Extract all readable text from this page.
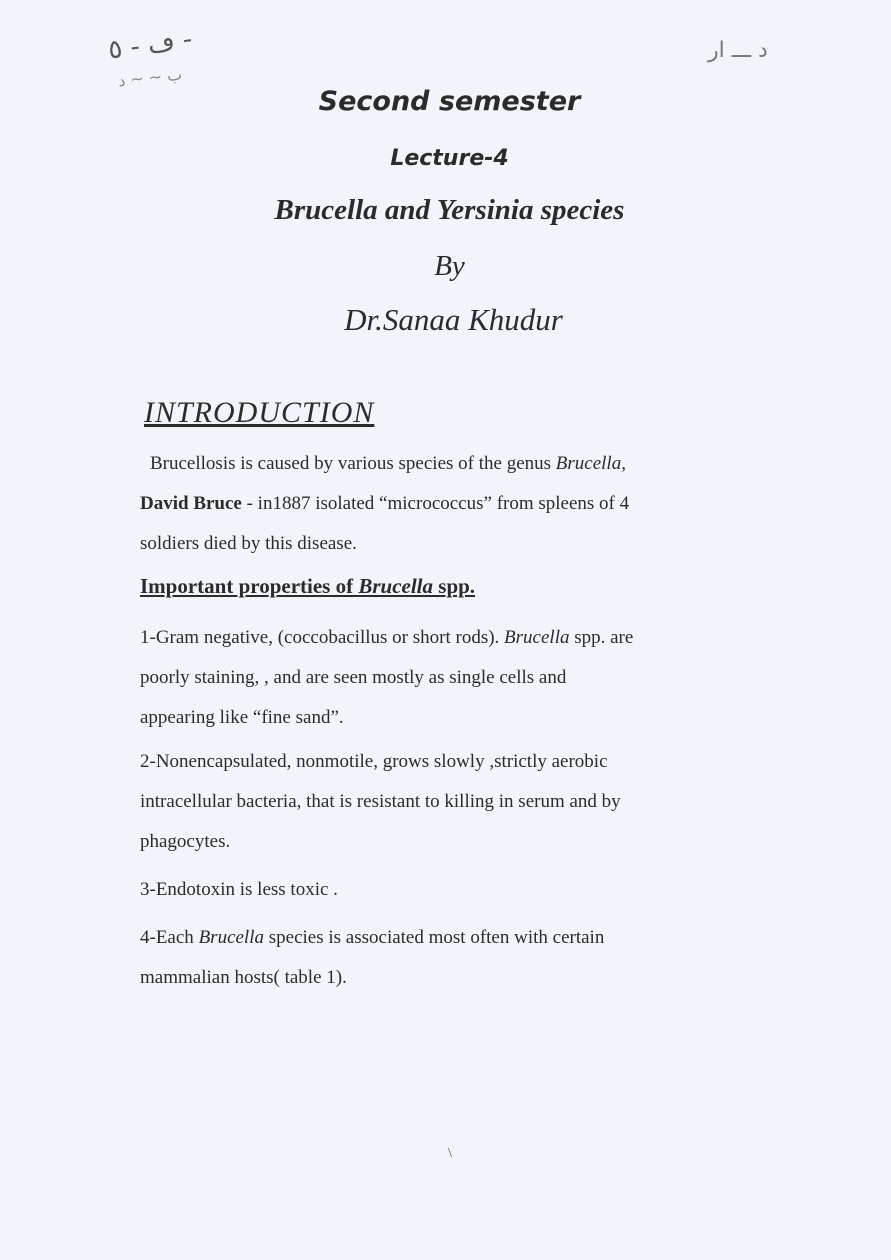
ڡ - ٥ -
ب ~ ~ د
د ـــ ار
Second semester
Lecture-4
Brucella and Yersinia species
By
Dr.Sanaa Khudur
INTRODUCTION
Brucellosis is caused by various species of the genus Brucella,
David Bruce - in1887 isolated “micrococcus” from spleens of 4
soldiers died by this disease.
Important properties of Brucella spp.
1-Gram negative, (coccobacillus or short rods). Brucella spp. are
poorly staining, , and are seen mostly as single cells and
appearing like “fine sand”.
2-Nonencapsulated, nonmotile, grows slowly ,strictly aerobic
intracellular bacteria, that is resistant to killing in serum and by
phagocytes.
3-Endotoxin is less toxic .
4-Each Brucella species is associated most often with certain
mammalian hosts( table 1).
\
